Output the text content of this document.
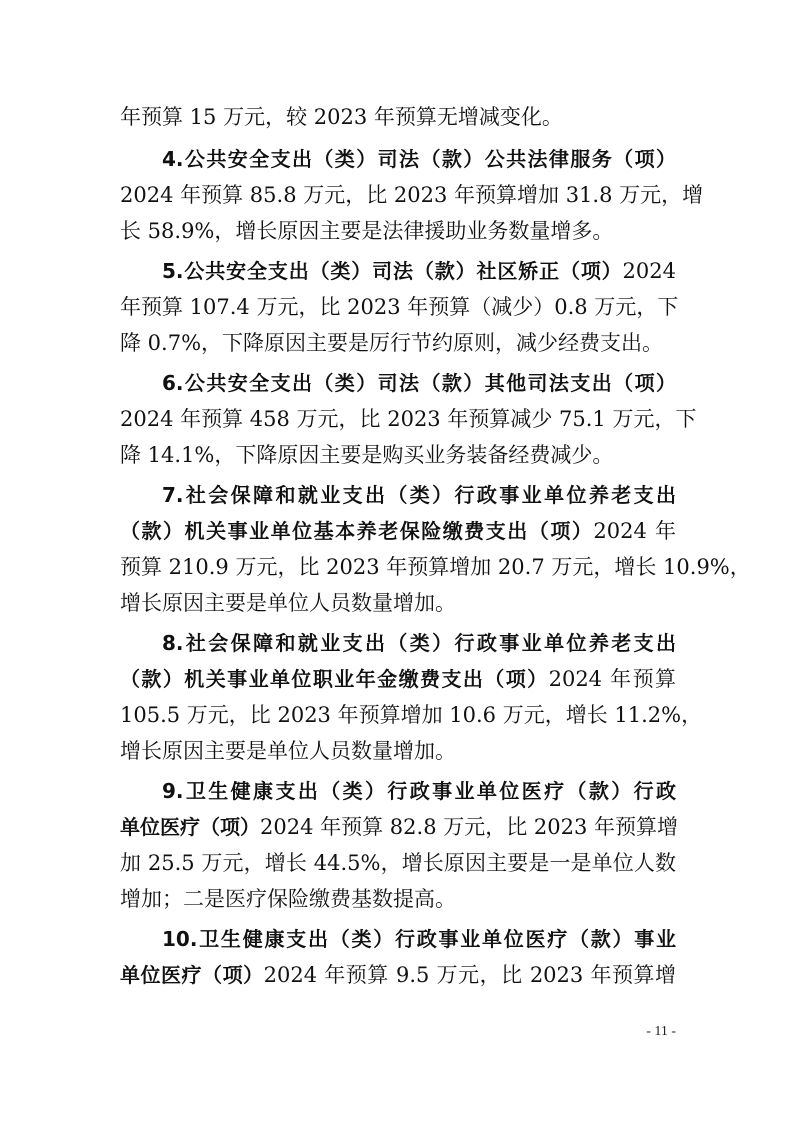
年预算 15 万元，较 2023 年预算无增减变化。
4.公共安全支出（类）司法（款）公共法律服务（项）
2024 年预算 85.8 万元，比 2023 年预算增加 31.8 万元，增
长 58.9%，增长原因主要是法律援助业务数量增多。
5.公共安全支出（类）司法（款）社区矫正（项）2024
年预算 107.4 万元，比 2023 年预算（减少）0.8 万元，下
降 0.7%，下降原因主要是厉行节约原则，减少经费支出。
6.公共安全支出（类）司法（款）其他司法支出（项）
2024 年预算 458 万元，比 2023 年预算减少 75.1 万元，下
降 14.1%，下降原因主要是购买业务装备经费减少。
7.社会保障和就业支出（类）行政事业单位养老支出
（款）机关事业单位基本养老保险缴费支出（项）2024 年
预算 210.9 万元，比 2023 年预算增加 20.7 万元，增长 10.9%，
增长原因主要是单位人员数量增加。
8.社会保障和就业支出（类）行政事业单位养老支出
（款）机关事业单位职业年金缴费支出（项）2024 年预算
105.5 万元，比 2023 年预算增加 10.6 万元，增长 11.2%，
增长原因主要是单位人员数量增加。
9.卫生健康支出（类）行政事业单位医疗（款）行政
单位医疗（项）2024 年预算 82.8 万元，比 2023 年预算增
加 25.5 万元，增长 44.5%，增长原因主要是一是单位人数
增加；二是医疗保险缴费基数提高。
10.卫生健康支出（类）行政事业单位医疗（款）事业
单位医疗（项）2024 年预算 9.5 万元，比 2023 年预算增
- 11 -
